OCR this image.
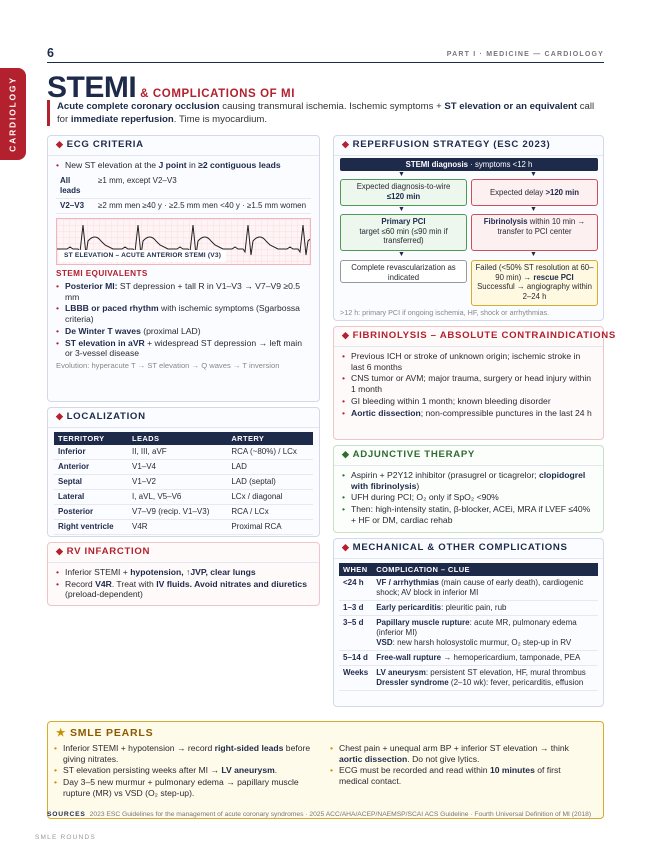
CARDIOLOGY
6	PART I · MEDICINE — CARDIOLOGY
STEMI & COMPLICATIONS OF MI
Acute complete coronary occlusion causing transmural ischemia. Ischemic symptoms + ST elevation or an equivalent call for immediate reperfusion. Time is myocardium.
◆ ECG CRITERIA
• New ST elevation at the J point in ≥2 contiguous leads
All leads	≥1 mm, except V2–V3
V2–V3	≥2 mm men ≥40 y · ≥2.5 mm men <40 y · ≥1.5 mm women
ST ELEVATION – ACUTE ANTERIOR STEMI (V3)
STEMI EQUIVALENTS
• Posterior MI: ST depression + tall R in V1–V3 → V7–V9 ≥0.5 mm
• LBBB or paced rhythm with ischemic symptoms (Sgarbossa criteria)
• De Winter T waves (proximal LAD)
• ST elevation in aVR + widespread ST depression → left main or 3-vessel disease
Evolution: hyperacute T → ST elevation → Q waves → T inversion
◆ LOCALIZATION
TERRITORY	LEADS	ARTERY
Inferior	II, III, aVF	RCA (~80%) / LCx
Anterior	V1–V4	LAD
Septal	V1–V2	LAD (septal)
Lateral	I, aVL, V5–V6	LCx / diagonal
Posterior	V7–V9 (recip. V1–V3)	RCA / LCx
Right ventricle	V4R	Proximal RCA
◆ RV INFARCTION
• Inferior STEMI + hypotension, ↑JVP, clear lungs
• Record V4R. Treat with IV fluids. Avoid nitrates and diuretics (preload-dependent)
◆ REPERFUSION STRATEGY (ESC 2023)
STEMI diagnosis · symptoms <12 h
▼	▼
Expected diagnosis-to-wire
≤120 min	Expected delay >120 min
▼	▼
Primary PCI
target ≤60 min (≤90 min if transferred)
Fibrinolysis within 10 min → transfer to PCI center
▼	▼
Complete revascularization as indicated
Failed (<50% ST resolution at 60–90 min) → rescue PCI
Successful → angiography within 2–24 h
>12 h: primary PCI if ongoing ischemia, HF, shock or arrhythmias.
◆ FIBRINOLYSIS – ABSOLUTE CONTRAINDICATIONS
• Previous ICH or stroke of unknown origin; ischemic stroke in last 6 months
• CNS tumor or AVM; major trauma, surgery or head injury within 1 month
• GI bleeding within 1 month; known bleeding disorder
• Aortic dissection; non-compressible punctures in the last 24 h
◆ ADJUNCTIVE THERAPY
• Aspirin + P2Y12 inhibitor (prasugrel or ticagrelor; clopidogrel with fibrinolysis)
• UFH during PCI; O₂ only if SpO₂ <90%
• Then: high-intensity statin, β-blocker, ACEi, MRA if LVEF ≤40% + HF or DM, cardiac rehab
◆ MECHANICAL & OTHER COMPLICATIONS
WHEN	COMPLICATION – CLUE
<24 h	VF / arrhythmias (main cause of early death), cardiogenic shock; AV block in inferior MI
1–3 d	Early pericarditis: pleuritic pain, rub
3–5 d	Papillary muscle rupture: acute MR, pulmonary edema (inferior MI)
VSD: new harsh holosystolic murmur, O₂ step-up in RV
5–14 d	Free-wall rupture → hemopericardium, tamponade, PEA
Weeks	LV aneurysm: persistent ST elevation, HF, mural thrombus
Dressler syndrome (2–10 wk): fever, pericarditis, effusion
★ SMLE PEARLS
• Inferior STEMI + hypotension → record right-sided leads before giving nitrates.
• ST elevation persisting weeks after MI → LV aneurysm.
• Day 3–5 new murmur + pulmonary edema → papillary muscle rupture (MR) vs VSD (O₂ step-up).
• Chest pain + unequal arm BP + inferior ST elevation → think aortic dissection. Do not give lytics.
• ECG must be recorded and read within 10 minutes of first medical contact.
SOURCES 2023 ESC Guidelines for the management of acute coronary syndromes · 2025 ACC/AHA/ACEP/NAEMSP/SCAI ACS Guideline · Fourth Universal Definition of MI (2018)
SMLE ROUNDS
